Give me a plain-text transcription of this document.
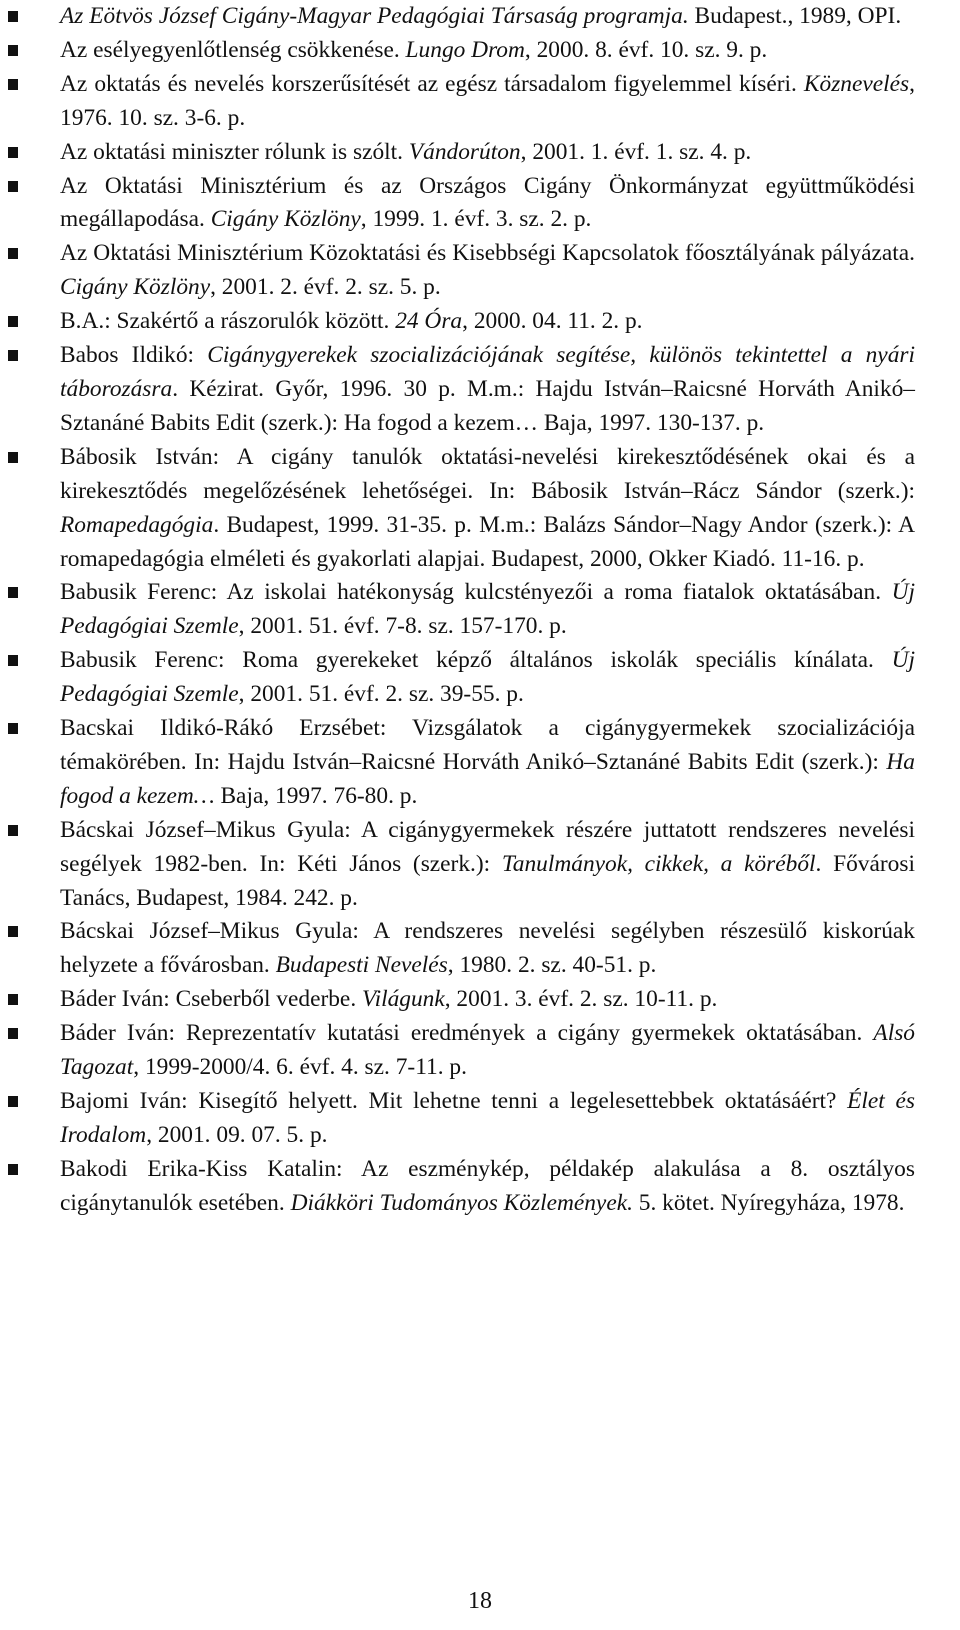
Az Eötvös József Cigány-Magyar Pedagógiai Társaság programja. Budapest., 1989, OPI.
Az esélyegyenlőtlenség csökkenése. Lungo Drom, 2000. 8. évf. 10. sz. 9. p.
Az oktatás és nevelés korszerűsítését az egész társadalom figyelemmel kíséri. Köznevelés, 1976. 10. sz. 3-6. p.
Az oktatási miniszter rólunk is szólt. Vándorúton, 2001. 1. évf. 1. sz. 4. p.
Az Oktatási Minisztérium és az Országos Cigány Önkormányzat együttműködési megállapodása. Cigány Közlöny, 1999. 1. évf. 3. sz. 2. p.
Az Oktatási Minisztérium Közoktatási és Kisebbségi Kapcsolatok főosztályának pályázata. Cigány Közlöny, 2001. 2. évf. 2. sz. 5. p.
B.A.: Szakértő a rászorulók között. 24 Óra, 2000. 04. 11. 2. p.
Babos Ildikó: Cigánygyerekek szocializációjának segítése, különös tekintettel a nyári táborozásra. Kézirat. Győr, 1996. 30 p. M.m.: Hajdu István–Raicsné Horváth Anikó–Sztanáné Babits Edit (szerk.): Ha fogod a kezem… Baja, 1997. 130-137. p.
Bábosik István: A cigány tanulók oktatási-nevelési kirekesztődésének okai és a kirekesztődés megelőzésének lehetőségei. In: Bábosik István–Rácz Sándor (szerk.): Romapedagógia. Budapest, 1999. 31-35. p. M.m.: Balázs Sándor–Nagy Andor (szerk.): A romapedagógia elméleti és gyakorlati alapjai. Budapest, 2000, Okker Kiadó. 11-16. p.
Babusik Ferenc: Az iskolai hatékonyság kulcstényezői a roma fiatalok oktatásában. Új Pedagógiai Szemle, 2001. 51. évf. 7-8. sz. 157-170. p.
Babusik Ferenc: Roma gyerekeket képző általános iskolák speciális kínálata. Új Pedagógiai Szemle, 2001. 51. évf. 2. sz. 39-55. p.
Bacskai Ildikó-Rákó Erzsébet: Vizsgálatok a cigánygyermekek szocializációja témakörében. In: Hajdu István–Raicsné Horváth Anikó–Sztanáné Babits Edit (szerk.): Ha fogod a kezem… Baja, 1997. 76-80. p.
Bácskai József–Mikus Gyula: A cigánygyermekek részére juttatott rendszeres nevelési segélyek 1982-ben. In: Kéti János (szerk.): Tanulmányok, cikkek, a köréből. Fővárosi Tanács, Budapest, 1984. 242. p.
Bácskai József–Mikus Gyula: A rendszeres nevelési segélyben részesülő kiskorúak helyzete a fővárosban. Budapesti Nevelés, 1980. 2. sz. 40-51. p.
Báder Iván: Cseberből vederbe. Világunk, 2001. 3. évf. 2. sz. 10-11. p.
Báder Iván: Reprezentatív kutatási eredmények a cigány gyermekek oktatásában. Alsó Tagozat, 1999-2000/4. 6. évf. 4. sz. 7-11. p.
Bajomi Iván: Kisegítő helyett. Mit lehetne tenni a legelesettebbek oktatásáért? Élet és Irodalom, 2001. 09. 07. 5. p.
Bakodi Erika-Kiss Katalin: Az eszménykép, példakép alakulása a 8. osztályos cigánytanulók esetében. Diákköri Tudományos Közlemények. 5. kötet. Nyíregyháza, 1978.
18
